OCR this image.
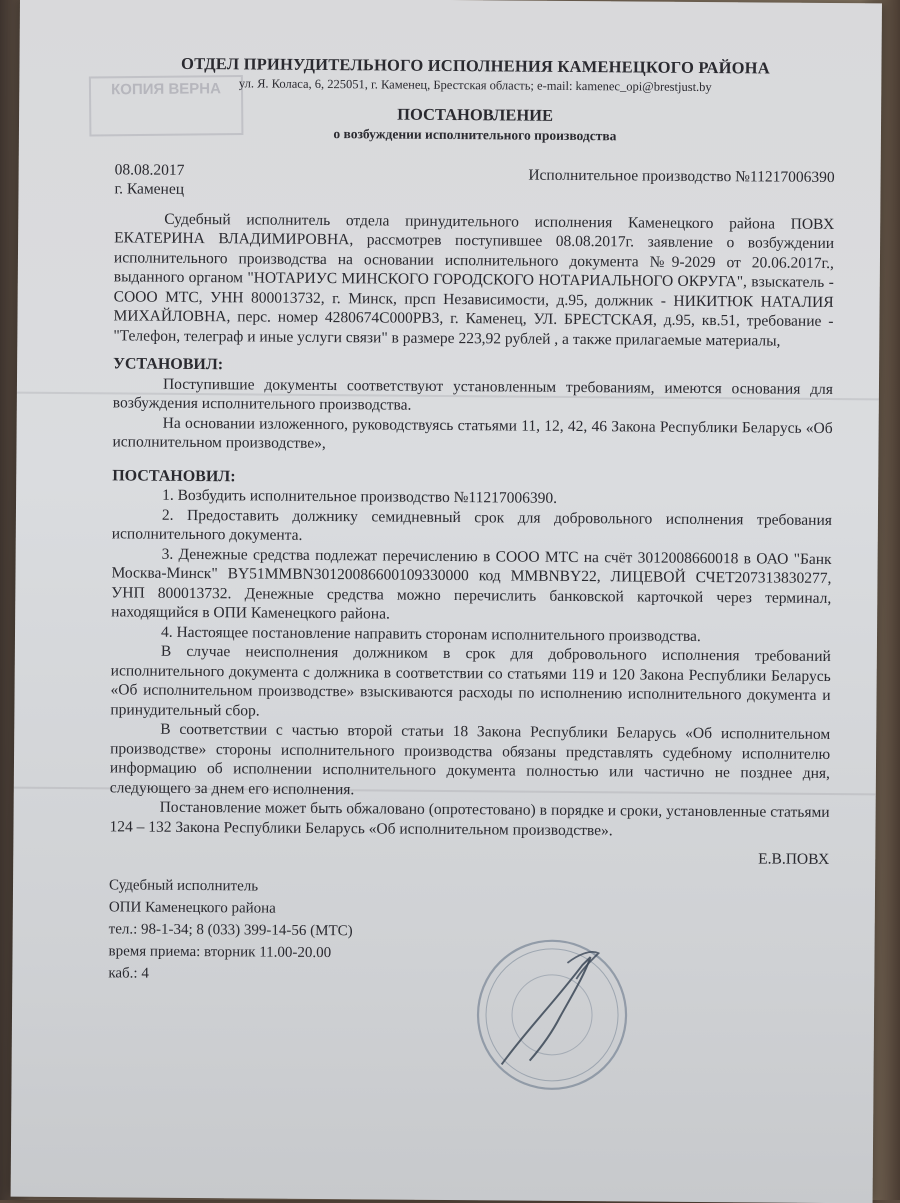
КОПИЯ ВЕРНА
ОТДЕЛ ПРИНУДИТЕЛЬНОГО ИСПОЛНЕНИЯ КАМЕНЕЦКОГО РАЙОНА
ул. Я. Коласа, 6, 225051, г. Каменец, Брестская область; e-mail: kamenec_opi@brestjust.by
ПОСТАНОВЛЕНИЕ
о возбуждении исполнительного производства
08.08.2017
г. Каменец
Исполнительное производство №11217006390

Судебный исполнитель отдела принудительного исполнения Каменецкого района ПОВХ ЕКАТЕРИНА ВЛАДИМИРОВНА, рассмотрев поступившее 08.08.2017г. заявление о возбуждении исполнительного производства на основании исполнительного документа №9-2029 от 20.06.2017г., выданного органом "НОТАРИУС МИНСКОГО ГОРОДСКОГО НОТАРИАЛЬНОГО ОКРУГА", взыскатель - СООО МТС, УНН 800013732, г. Минск, прсп Независимости, д.95, должник - НИКИТЮК НАТАЛИЯ МИХАЙЛОВНА, перс. номер 4280674C000PB3, г. Каменец, УЛ. БРЕСТСКАЯ, д.95, кв.51, требование - "Телефон, телеграф и иные услуги связи" в размере 223,92 рублей , а также прилагаемые материалы,

УСТАНОВИЛ:

Поступившие документы соответствуют установленным требованиям, имеются основания для возбуждения исполнительного производства.

На основании изложенного, руководствуясь статьями 11, 12, 42, 46 Закона Республики Беларусь «Об исполнительном производстве»,

ПОСТАНОВИЛ:

1. Возбудить исполнительное производство №11217006390.

2. Предоставить должнику семидневный срок для добровольного исполнения требования исполнительного документа.

3. Денежные средства подлежат перечислению в СООО МТС на счёт 3012008660018 в ОАО "Банк Москва-Минск" BY51MMBN30120086600109330000 код MMBNBY22, ЛИЦЕВОЙ СЧЕТ207313830277, УНП 800013732. Денежные средства можно перечислить банковской карточкой через терминал, находящийся в ОПИ Каменецкого района.

4. Настоящее постановление направить сторонам исполнительного производства.

В случае неисполнения должником в срок для добровольного исполнения требований исполнительного документа с должника в соответствии со статьями 119 и 120 Закона Республики Беларусь «Об исполнительном производстве» взыскиваются расходы по исполнению исполнительного документа и принудительный сбор.

В соответствии с частью второй статьи 18 Закона Республики Беларусь «Об исполнительном производстве» стороны исполнительного производства обязаны представлять судебному исполнителю информацию об исполнении исполнительного документа полностью или частично не позднее дня, следующего за днем его исполнения.

Постановление может быть обжаловано (опротестовано) в порядке и сроки, установленные статьями 124 – 132 Закона Республики Беларусь «Об исполнительном производстве».

Е.В.ПОВХ
Судебный исполнитель
ОПИ Каменецкого района
тел.: 98-1-34; 8 (033) 399-14-56 (МТС)
время приема: вторник 11.00-20.00
каб.: 4
